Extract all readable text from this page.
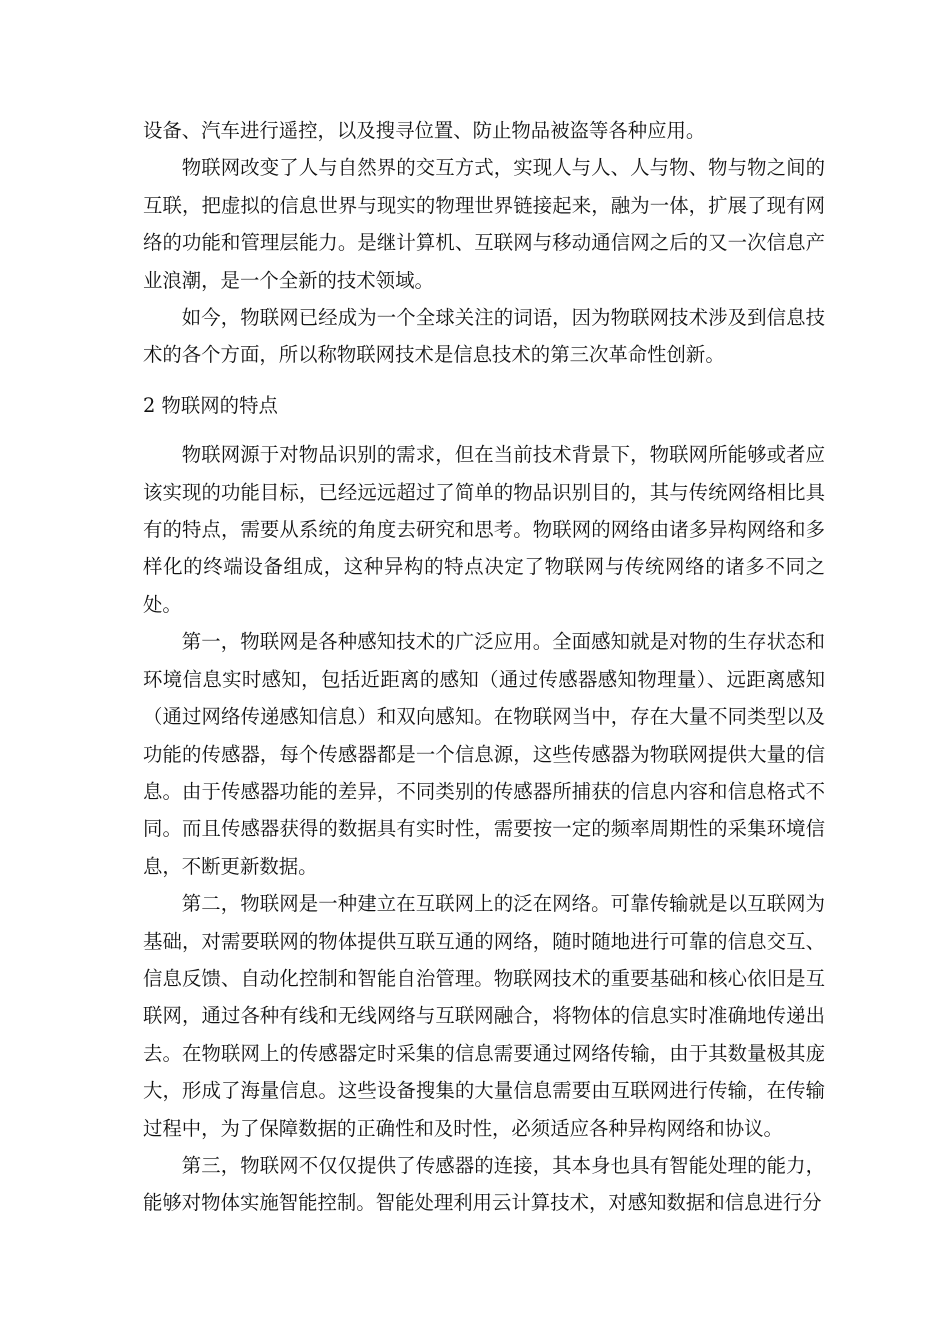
设备、汽车进行遥控，以及搜寻位置、防止物品被盗等各种应用。

物联网改变了人与自然界的交互方式，实现人与人、人与物、物与物之间的互联，把虚拟的信息世界与现实的物理世界链接起来，融为一体，扩展了现有网络的功能和管理层能力。是继计算机、互联网与移动通信网之后的又一次信息产业浪潮，是一个全新的技术领域。

如今，物联网已经成为一个全球关注的词语，因为物联网技术涉及到信息技术的各个方面，所以称物联网技术是信息技术的第三次革命性创新。

2 物联网的特点

物联网源于对物品识别的需求，但在当前技术背景下，物联网所能够或者应该实现的功能目标，已经远远超过了简单的物品识别目的，其与传统网络相比具有的特点，需要从系统的角度去研究和思考。物联网的网络由诸多异构网络和多样化的终端设备组成，这种异构的特点决定了物联网与传统网络的诸多不同之处。

第一，物联网是各种感知技术的广泛应用。全面感知就是对物的生存状态和环境信息实时感知，包括近距离的感知（通过传感器感知物理量）、远距离感知（通过网络传递感知信息）和双向感知。在物联网当中，存在大量不同类型以及功能的传感器，每个传感器都是一个信息源，这些传感器为物联网提供大量的信息。由于传感器功能的差异，不同类别的传感器所捕获的信息内容和信息格式不同。而且传感器获得的数据具有实时性，需要按一定的频率周期性的采集环境信息，不断更新数据。

第二，物联网是一种建立在互联网上的泛在网络。可靠传输就是以互联网为基础，对需要联网的物体提供互联互通的网络，随时随地进行可靠的信息交互、信息反馈、自动化控制和智能自治管理。物联网技术的重要基础和核心依旧是互联网，通过各种有线和无线网络与互联网融合，将物体的信息实时准确地传递出去。在物联网上的传感器定时采集的信息需要通过网络传输，由于其数量极其庞大，形成了海量信息。这些设备搜集的大量信息需要由互联网进行传输，在传输过程中，为了保障数据的正确性和及时性，必须适应各种异构网络和协议。

第三，物联网不仅仅提供了传感器的连接，其本身也具有智能处理的能力，能够对物体实施智能控制。智能处理利用云计算技术，对感知数据和信息进行分
